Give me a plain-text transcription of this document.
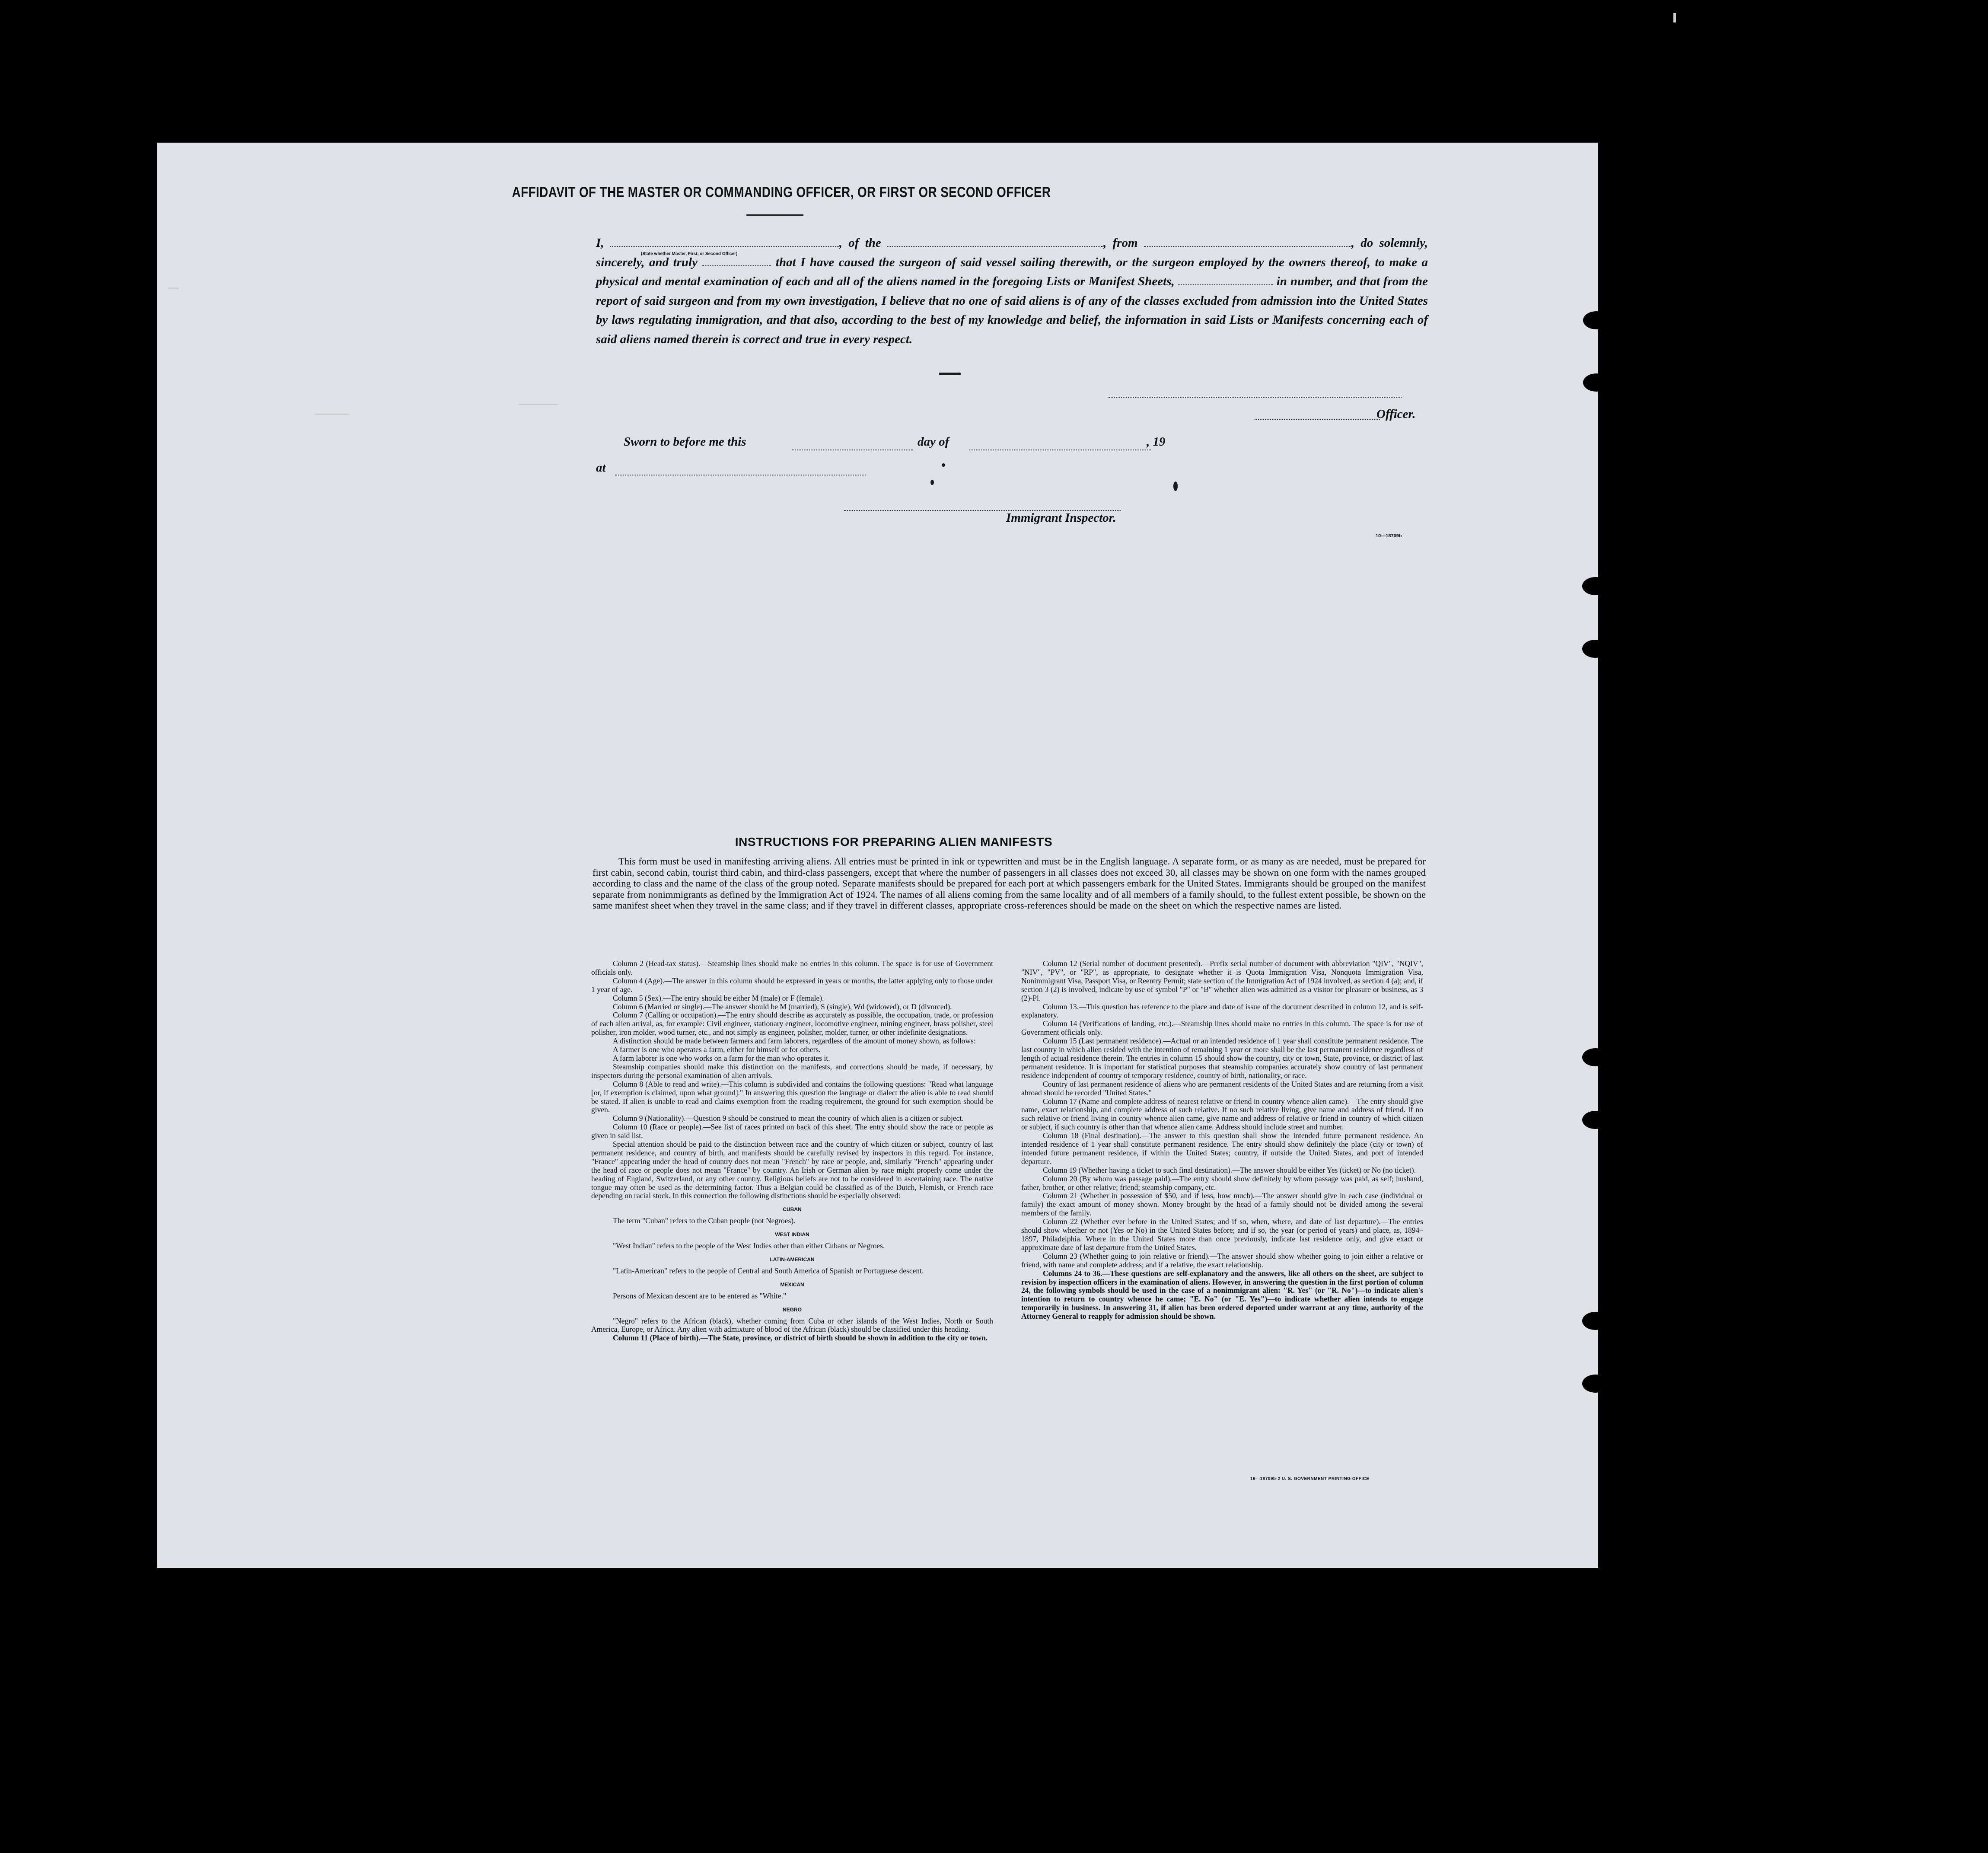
AFFIDAVIT OF THE MASTER OR COMMANDING OFFICER, OR FIRST OR SECOND OFFICER
(State whether Master, First, or Second Officer)
I,	, of the	, from	, do solemnly, sincerely, and truly	that I have caused the surgeon of said vessel sailing therewith, or the surgeon employed by the owners thereof, to make a physical and mental examination of each and all of the aliens named in the foregoing Lists or Manifest Sheets,	in number, and that from the report of said surgeon and from my own investigation, I believe that no one of said aliens is of any of the classes excluded from admission into the United States by laws regulating immigration, and that also, according to the best of my knowledge and belief, the information in said Lists or Manifests concerning each of said aliens named therein is correct and true in every respect.
Officer.
Sworn to before me this	day of	, 19
at
Immigrant Inspector.
10—18709b
INSTRUCTIONS FOR PREPARING ALIEN MANIFESTS

This form must be used in manifesting arriving aliens. All entries must be printed in ink or typewritten and must be in the English language. A separate form, or as many as are needed, must be prepared for first cabin, second cabin, tourist third cabin, and third-class passengers, except that where the number of passengers in all classes does not exceed 30, all classes may be shown on one form with the names grouped according to class and the name of the class of the group noted. Separate manifests should be prepared for each port at which passengers embark for the United States. Immigrants should be grouped on the manifest separate from nonimmigrants as defined by the Immigration Act of 1924. The names of all aliens coming from the same locality and of all members of a family should, to the fullest extent possible, be shown on the same manifest sheet when they travel in the same class; and if they travel in different classes, appropriate cross-references should be made on the sheet on which the respective names are listed.

Column 2 (Head-tax status).—Steamship lines should make no entries in this column. The space is for use of Government officials only.

Column 4 (Age).—The answer in this column should be expressed in years or months, the latter applying only to those under 1 year of age.

Column 5 (Sex).—The entry should be either M (male) or F (female).

Column 6 (Married or single).—The answer should be M (married), S (single), Wd (widowed), or D (divorced).

Column 7 (Calling or occupation).—The entry should describe as accurately as possible, the occupation, trade, or profession of each alien arrival, as, for example: Civil engineer, stationary engineer, locomotive engineer, mining engineer, brass polisher, steel polisher, iron molder, wood turner, etc., and not simply as engineer, polisher, molder, turner, or other indefinite designations.

A distinction should be made between farmers and farm laborers, regardless of the amount of money shown, as follows:

A farmer is one who operates a farm, either for himself or for others.

A farm laborer is one who works on a farm for the man who operates it.

Steamship companies should make this distinction on the manifests, and corrections should be made, if necessary, by inspectors during the personal examination of alien arrivals.

Column 8 (Able to read and write).—This column is subdivided and contains the following questions: "Read what language [or, if exemption is claimed, upon what ground]." In answering this question the language or dialect the alien is able to read should be stated. If alien is unable to read and claims exemption from the reading requirement, the ground for such exemption should be given.

Column 9 (Nationality).—Question 9 should be construed to mean the country of which alien is a citizen or subject.

Column 10 (Race or people).—See list of races printed on back of this sheet. The entry should show the race or people as given in said list.

Special attention should be paid to the distinction between race and the country of which citizen or subject, country of last permanent residence, and country of birth, and manifests should be carefully revised by inspectors in this regard. For instance, "France" appearing under the head of country does not mean "French" by race or people, and, similarly "French" appearing under the head of race or people does not mean "France" by country. An Irish or German alien by race might properly come under the heading of England, Switzerland, or any other country. Religious beliefs are not to be considered in ascertaining race. The native tongue may often be used as the determining factor. Thus a Belgian could be classified as of the Dutch, Flemish, or French race depending on racial stock. In this connection the following distinctions should be especially observed:

CUBAN

The term "Cuban" refers to the Cuban people (not Negroes).

WEST INDIAN

"West Indian" refers to the people of the West Indies other than either Cubans or Negroes.

LATIN-AMERICAN

"Latin-American" refers to the people of Central and South America of Spanish or Portuguese descent.

MEXICAN

Persons of Mexican descent are to be entered as "White."

NEGRO

"Negro" refers to the African (black), whether coming from Cuba or other islands of the West Indies, North or South America, Europe, or Africa. Any alien with admixture of blood of the African (black) should be classified under this heading.

Column 11 (Place of birth).—The State, province, or district of birth should be shown in addition to the city or town.

Column 12 (Serial number of document presented).—Prefix serial number of document with abbreviation "QIV", "NQIV", "NIV", "PV", or "RP", as appropriate, to designate whether it is Quota Immigration Visa, Nonquota Immigration Visa, Nonimmigrant Visa, Passport Visa, or Reentry Permit; state section of the Immigration Act of 1924 involved, as section 4 (a); and, if section 3 (2) is involved, indicate by use of symbol "P" or "B" whether alien was admitted as a visitor for pleasure or business, as 3 (2)-Pl.

Column 13.—This question has reference to the place and date of issue of the document described in column 12, and is self-explanatory.

Column 14 (Verifications of landing, etc.).—Steamship lines should make no entries in this column. The space is for use of Government officials only.

Column 15 (Last permanent residence).—Actual or an intended residence of 1 year shall constitute permanent residence. The last country in which alien resided with the intention of remaining 1 year or more shall be the last permanent residence regardless of length of actual residence therein. The entries in column 15 should show the country, city or town, State, province, or district of last permanent residence. It is important for statistical purposes that steamship companies accurately show country of last permanent residence independent of country of temporary residence, country of birth, nationality, or race.

Country of last permanent residence of aliens who are permanent residents of the United States and are returning from a visit abroad should be recorded "United States."

Column 17 (Name and complete address of nearest relative or friend in country whence alien came).—The entry should give name, exact relationship, and complete address of such relative. If no such relative living, give name and address of friend. If no such relative or friend living in country whence alien came, give name and address of relative or friend in country of which citizen or subject, if such country is other than that whence alien came. Address should include street and number.

Column 18 (Final destination).—The answer to this question shall show the intended future permanent residence. An intended residence of 1 year shall constitute permanent residence. The entry should show definitely the place (city or town) of intended future permanent residence, if within the United States; country, if outside the United States, and port of intended departure.

Column 19 (Whether having a ticket to such final destination).—The answer should be either Yes (ticket) or No (no ticket).

Column 20 (By whom was passage paid).—The entry should show definitely by whom passage was paid, as self; husband, father, brother, or other relative; friend; steamship company, etc.

Column 21 (Whether in possession of $50, and if less, how much).—The answer should give in each case (individual or family) the exact amount of money shown. Money brought by the head of a family should not be divided among the several members of the family.

Column 22 (Whether ever before in the United States; and if so, when, where, and date of last departure).—The entries should show whether or not (Yes or No) in the United States before; and if so, the year (or period of years) and place, as, 1894–1897, Philadelphia. Where in the United States more than once previously, indicate last residence only, and give exact or approximate date of last departure from the United States.

Column 23 (Whether going to join relative or friend).—The answer should show whether going to join either a relative or friend, with name and complete address; and if a relative, the exact relationship.

Columns 24 to 36.—These questions are self-explanatory and the answers, like all others on the sheet, are subject to revision by inspection officers in the examination of aliens. However, in answering the question in the first portion of column 24, the following symbols should be used in the case of a nonimmigrant alien: "R. Yes" (or "R. No")—to indicate alien's intention to return to country whence he came; "E. No" (or "E. Yes")—to indicate whether alien intends to engage temporarily in business. In answering 31, if alien has been ordered deported under warrant at any time, authority of the Attorney General to reapply for admission should be shown.

16—18709b-2 U. S. GOVERNMENT PRINTING OFFICE
